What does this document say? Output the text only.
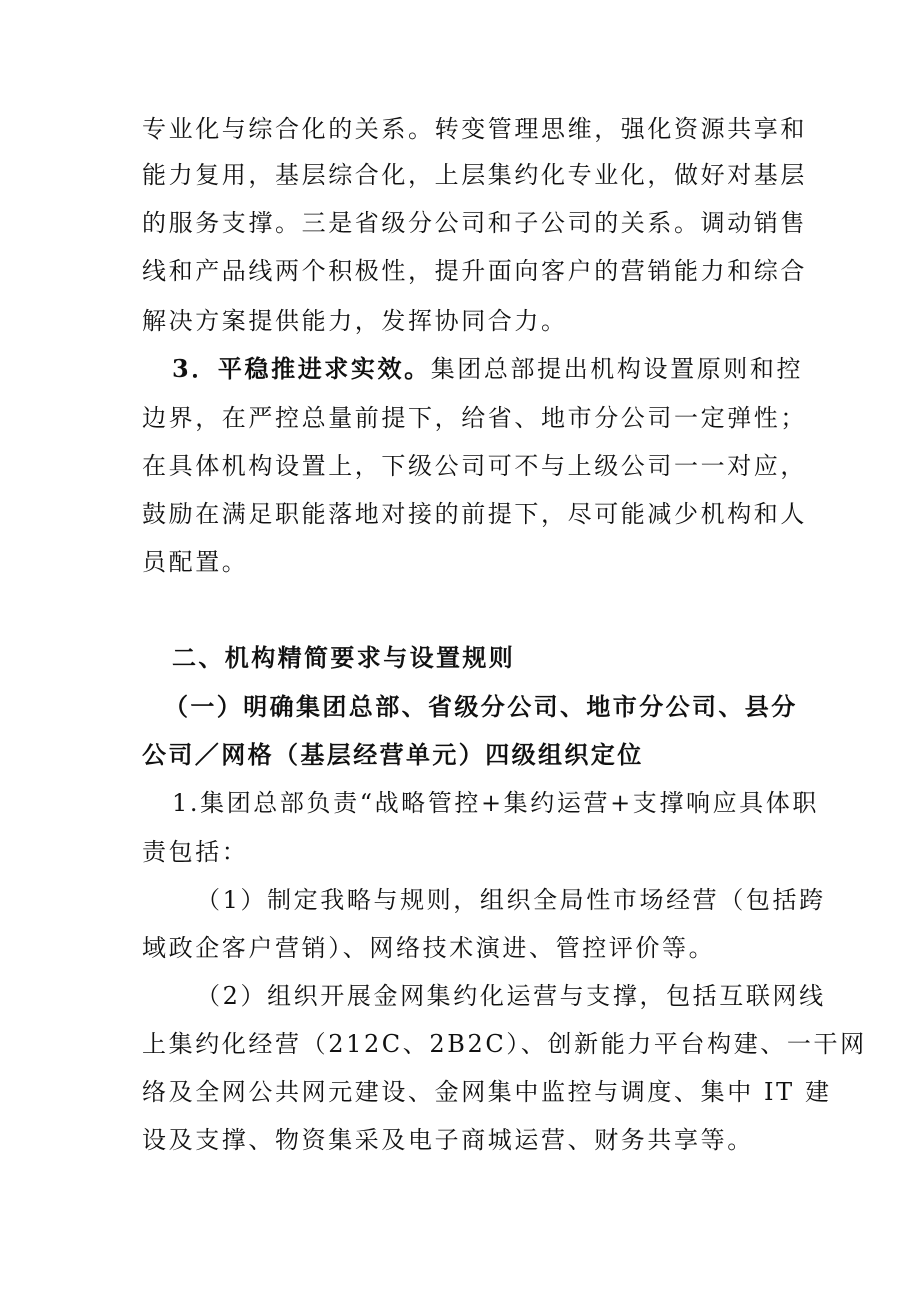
专业化与综合化的关系。转变管理思维，强化资源共享和
能力复用，基层综合化，上层集约化专业化，做好对基层
的服务支撑。三是省级分公司和子公司的关系。调动销售
线和产品线两个积极性，提升面向客户的营销能力和综合
解决方案提供能力，发挥协同合力。
3．平稳推进求实效。集团总部提出机构设置原则和控
边界，在严控总量前提下，给省、地市分公司一定弹性；
在具体机构设置上，下级公司可不与上级公司一一对应，
鼓励在满足职能落地对接的前提下，尽可能减少机构和人
员配置。
二、机构精简要求与设置规则
（一）明确集团总部、省级分公司、地市分公司、县分
公司／网格（基层经营单元）四级组织定位
1.集团总部负责“战略管控+集约运营+支撑响应具体职
责包括：
（1）制定我略与规则，组织全局性市场经营（包括跨
域政企客户营销）、网络技术演进、管控评价等。
（2）组织开展金网集约化运营与支撑，包括互联网线
上集约化经营（212C、2B2C）、创新能力平台构建、一干网
络及全网公共网元建设、金网集中监控与调度、集中 IT 建
设及支撑、物资集采及电子商城运营、财务共享等。
